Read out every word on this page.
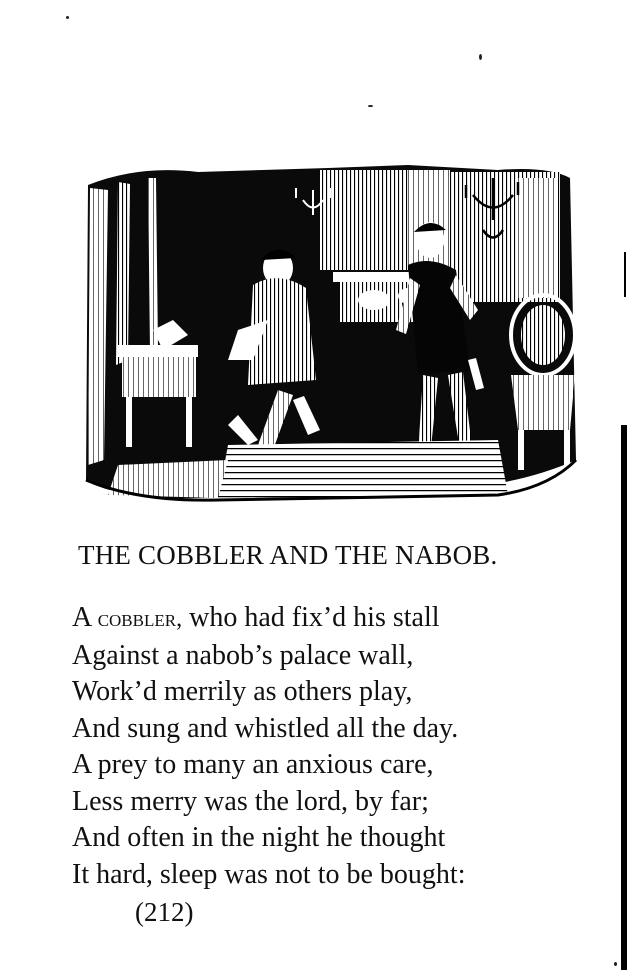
THE COBBLER AND THE NABOB.
A cobbler, who had fix’d his stall
Against a nabob’s palace wall,
Work’d merrily as others play,
And sung and whistled all the day.
A prey to many an anxious care,
Less merry was the lord, by far;
And often in the night he thought
It hard, sleep was not to be bought:
(212)
